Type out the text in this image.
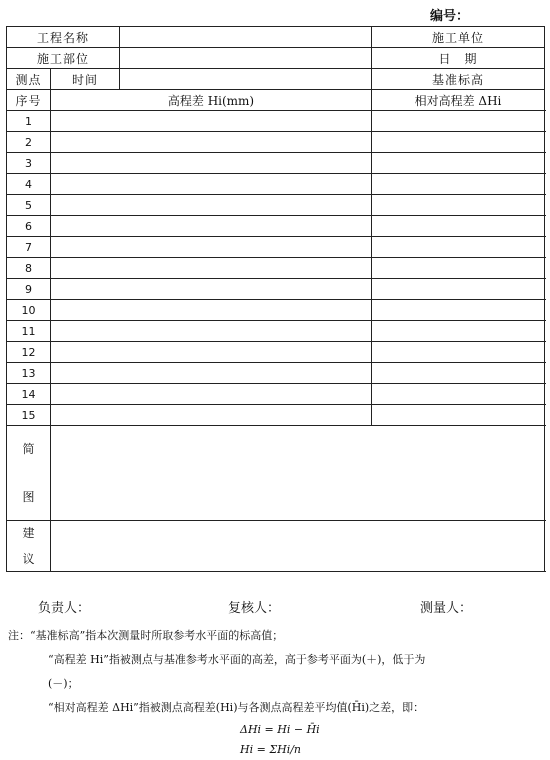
编号：
工程名称			施工单位	
施工部位			日　期	
测点	时间		基准标高	
序号	高程差 Hi(mm)		相对高程差 ΔHi	
1				
2				
3				
4				
5				
6				
7				
8				
9				
10				
11				
12				
13				
14				
15				

简
图				

建
议				

负责人：	复核人：	测量人：

注：“基准标高”指本次测量时所取参考水平面的标高值；

“高程差 Hi”指被测点与基准参考水平面的高差，高于参考平面为(＋)，低于为

(－)；

“相对高程差 ΔHi”指被测点高程差(Hi)与各测点高程差平均值(H̄i)之差，即：

ΔHi = Hi − H̄i

Hi = ΣHi/n
